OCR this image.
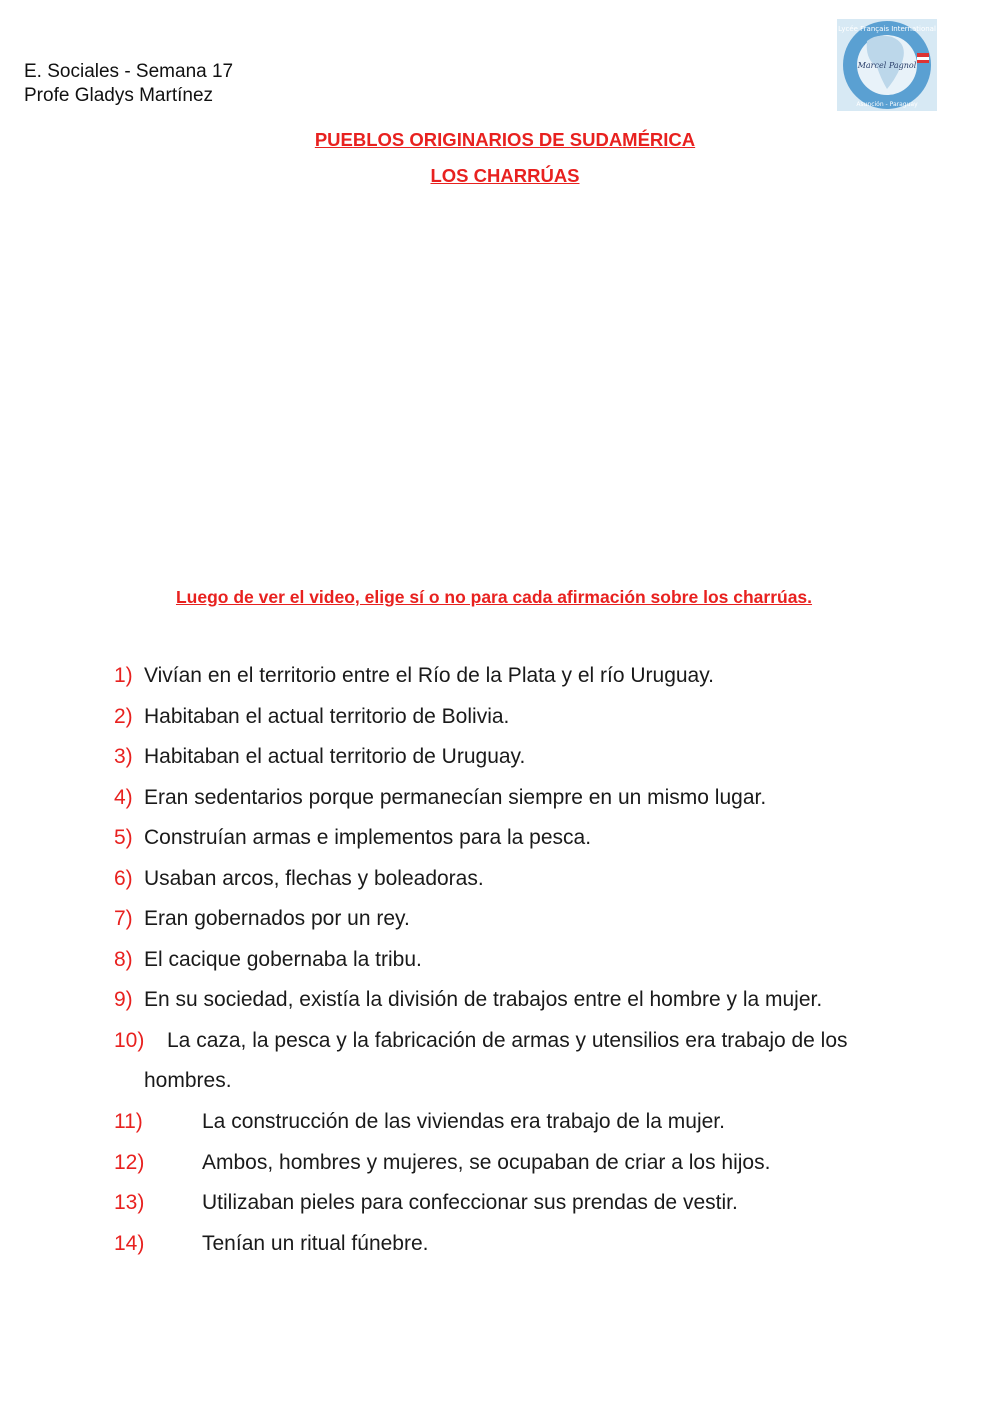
E. Sociales - Semana 17
Profe Gladys Martínez
Lycée Français International
Asunción - Paraguay
Marcel Pagnol
PUEBLOS ORIGINARIOS DE SUDAMÉRICA
LOS CHARRÚAS
Luego de ver el video, elige sí o no para cada afirmación sobre los charrúas.
1) Vivían en el territorio entre el Río de la Plata y el río Uruguay.
2) Habitaban el actual territorio de Bolivia.
3) Habitaban el actual territorio de Uruguay.
4) Eran sedentarios porque permanecían siempre en un mismo lugar.
5) Construían armas e implementos para la pesca.
6) Usaban arcos, flechas y boleadoras.
7) Eran gobernados por un rey.
8) El cacique gobernaba la tribu.
9) En su sociedad, existía la división de trabajos entre el hombre y la mujer.
10) La caza, la pesca y la fabricación de armas y utensilios era trabajo de los
hombres.
11)	La construcción de las viviendas era trabajo de la mujer.
12)	Ambos, hombres y mujeres, se ocupaban de criar a los hijos.
13)	Utilizaban pieles para confeccionar sus prendas de vestir.
14)	Tenían un ritual fúnebre.
